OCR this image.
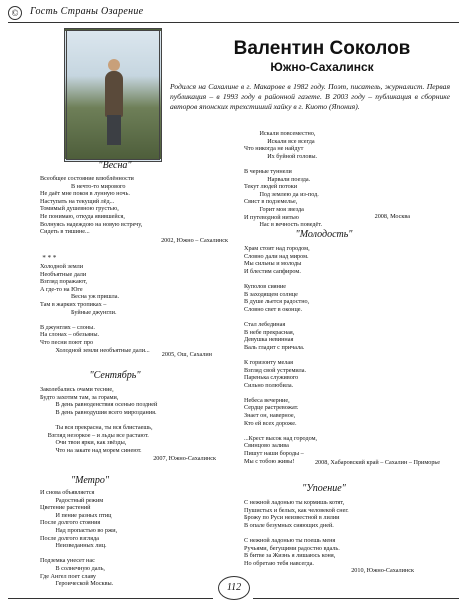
©	Гость Страны Озарение
Валентин Соколов
Южно-Сахалинск
Родился на Сахалине в г. Макарове в 1982 году. Поэт, писатель, журналист. Первая публикация – в 1993 году в районной газете. В 2003 году – публикация в сборнике авторов японских трехстиший хайку в г. Киото (Япония).
"Весна"
Всеобщее состояние влюблённости
В нечто-то мирового
Не даёт мне покоя в лунную ночь.
Наступать на текущий лёд...
Томимый душевною грустью,
Не понимаю, откуда явившейся,
Волнуясь надеждою на новую встречу,
Сидеть в тишине...
2002, Южно – Сахалинск
* * *
Холодной земли
Необъятные дали
Взгляд поражают,
А где-то на Юге
Весна уж пришла.
Там в жарких тропиках –
Буйные джунгли.

В джунглях – слоны.
На слонах – обезьяны.
Что песни поют про
Холодной земли необъятные дали...
2005, Ош, Сахалин
"Сентябрь"
Заколебались очами тесние,
Будто захотим там, за горами,
В день равноденствия осенью поздней
В день равнодушия всего мироздания.

Ты вся прекрасна, ты вся блистаешь,
Взгляд незоркое – и льды все растают.
Очи твои ярки, как звёзды,
Что на закате над морем синеют.
2007, Южно-Сахалинск
"Метро"
И снова объявляется
Радостный режим
Цветение растений
И пение разных птиц
После долгого стояния
Над пропастью во ржи,
После долгого взгляда
Неизведанных лиц.

Подземка унесет нас
В солнечную даль,
Где Ангел поет славу
Героической Москвы.
Искали повсеместно,
Искали все всегда
Что никогда не найдут
Их буйной головы.

В черные туннели
Нарвали поезда.
Текут людей потоки
Под землею да из-под.
Свист в подземелье,
Горит моя звезда
И путеводной нитью
Нас в вечность поведёт.
2008, Москва
"Молодость"
Храм стоит над городом,
Словно дали над миром.
Мы сильны и молоды
И блестим сапфиром.

Куполов сияние
В заходящем солнце
В душе льется радостно,
Словно свет в оконце.

Стал лебединая
В небе прекрасная,
Девушка невинная
Валь гладит с причала.

К горизонту мелая
Взгляд свой устремила.
Паренька служивого
Сильно полюбила.

Небеса вечерние,
Сердце растревожат.
Знает он, наверное,
Кто ей всех дороже.

...Крест высок над городом,
Свинцово залива
Пишут наши бороды –
Мы с тобою живы!	2008, Хабаровский край – Сахалин – Приморье
"Упоение"
С нежной ладонью ты кормишь котят,
Пушистых и белых, как человекой снег.
Брожу по Руси неизвестной в лилии
В опале безумных сияющих дней.

С нежной ладонью ты поешь меня
Ручьями, бегущими радостно вдаль.
В битве за Жизнь я лишаюсь коня,
Но обретаю тебя навсегда.
2010, Южно-Сахалинск
112
